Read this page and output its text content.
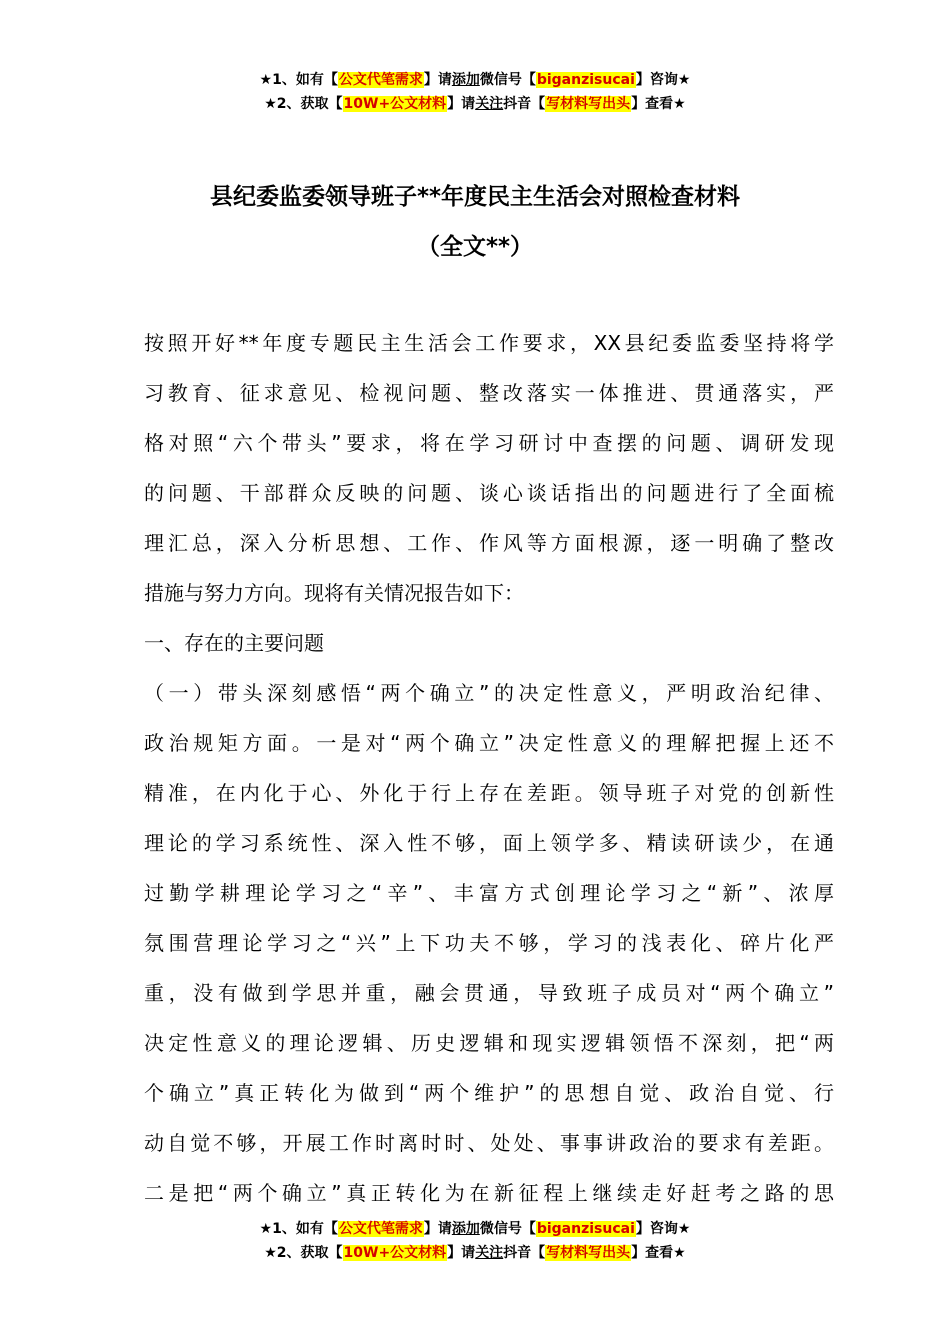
★1、如有【公文代笔需求】请添加微信号【biganzisucai】咨询★
★2、获取【10W+公文材料】请关注抖音【写材料写出头】查看★
县纪委监委领导班子**年度民主生活会对照检查材料
（全文**）
按照开好**年度专题民主生活会工作要求，XX县纪委监委坚持将学
习教育、征求意见、检视问题、整改落实一体推进、贯通落实，严
格对照“六个带头”要求，将在学习研讨中查摆的问题、调研发现
的问题、干部群众反映的问题、谈心谈话指出的问题进行了全面梳
理汇总，深入分析思想、工作、作风等方面根源，逐一明确了整改
措施与努力方向。现将有关情况报告如下：
一、存在的主要问题
（一）带头深刻感悟“两个确立”的决定性意义，严明政治纪律、
政治规矩方面。一是对“两个确立”决定性意义的理解把握上还不
精准，在内化于心、外化于行上存在差距。领导班子对党的创新性
理论的学习系统性、深入性不够，面上领学多、精读研读少，在通
过勤学耕理论学习之“辛”、丰富方式创理论学习之“新”、浓厚
氛围营理论学习之“兴”上下功夫不够，学习的浅表化、碎片化严
重，没有做到学思并重，融会贯通，导致班子成员对“两个确立”
决定性意义的理论逻辑、历史逻辑和现实逻辑领悟不深刻，把“两
个确立”真正转化为做到“两个维护”的思想自觉、政治自觉、行
动自觉不够，开展工作时离时时、处处、事事讲政治的要求有差距。
二是把“两个确立”真正转化为在新征程上继续走好赶考之路的思
★1、如有【公文代笔需求】请添加微信号【biganzisucai】咨询★
★2、获取【10W+公文材料】请关注抖音【写材料写出头】查看★
